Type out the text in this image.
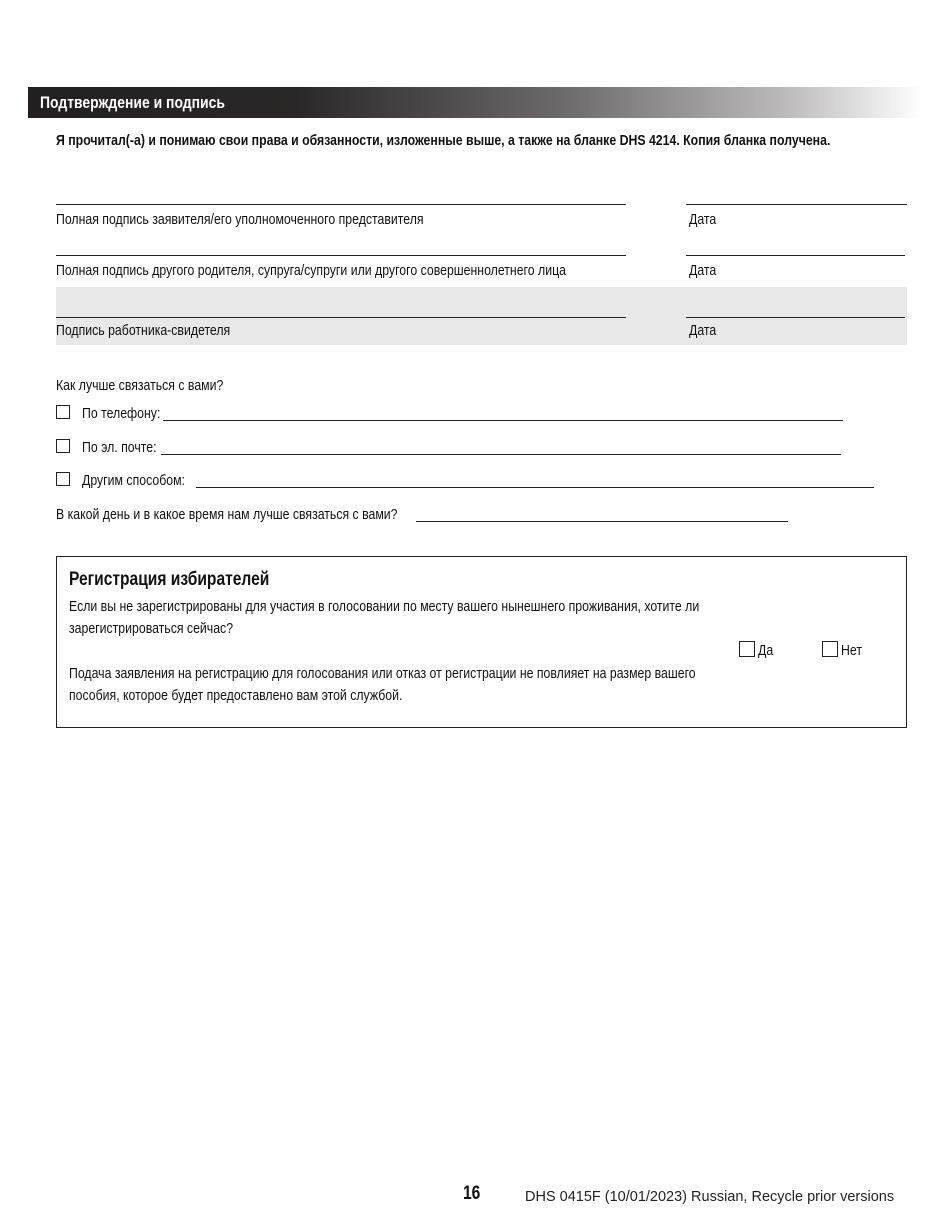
Подтверждение и подпись
Я прочитал(-а) и понимаю свои права и обязанности, изложенные выше, а также на бланке DHS 4214. Копия бланка получена.
Полная подпись заявителя/его уполномоченного представителя	Дата
Полная подпись другого родителя, супруга/супруги или другого совершеннолетнего лица	Дата
Подпись работника-свидетеля	Дата
Как лучше связаться с вами?
По телефону:
По эл. почте:
Другим способом:
В какой день и в какое время нам лучше связаться с вами?
Регистрация избирателей
Если вы не зарегистрированы для участия в голосовании по месту вашего нынешнего проживания, хотите ли
зарегистрироваться сейчас?
Подача заявления на регистрацию для голосования или отказ от регистрации не повлияет на размер вашего
пособия, которое будет предоставлено вам этой службой.
Да	Нет
16	DHS 0415F (10/01/2023) Russian, Recycle prior versions
